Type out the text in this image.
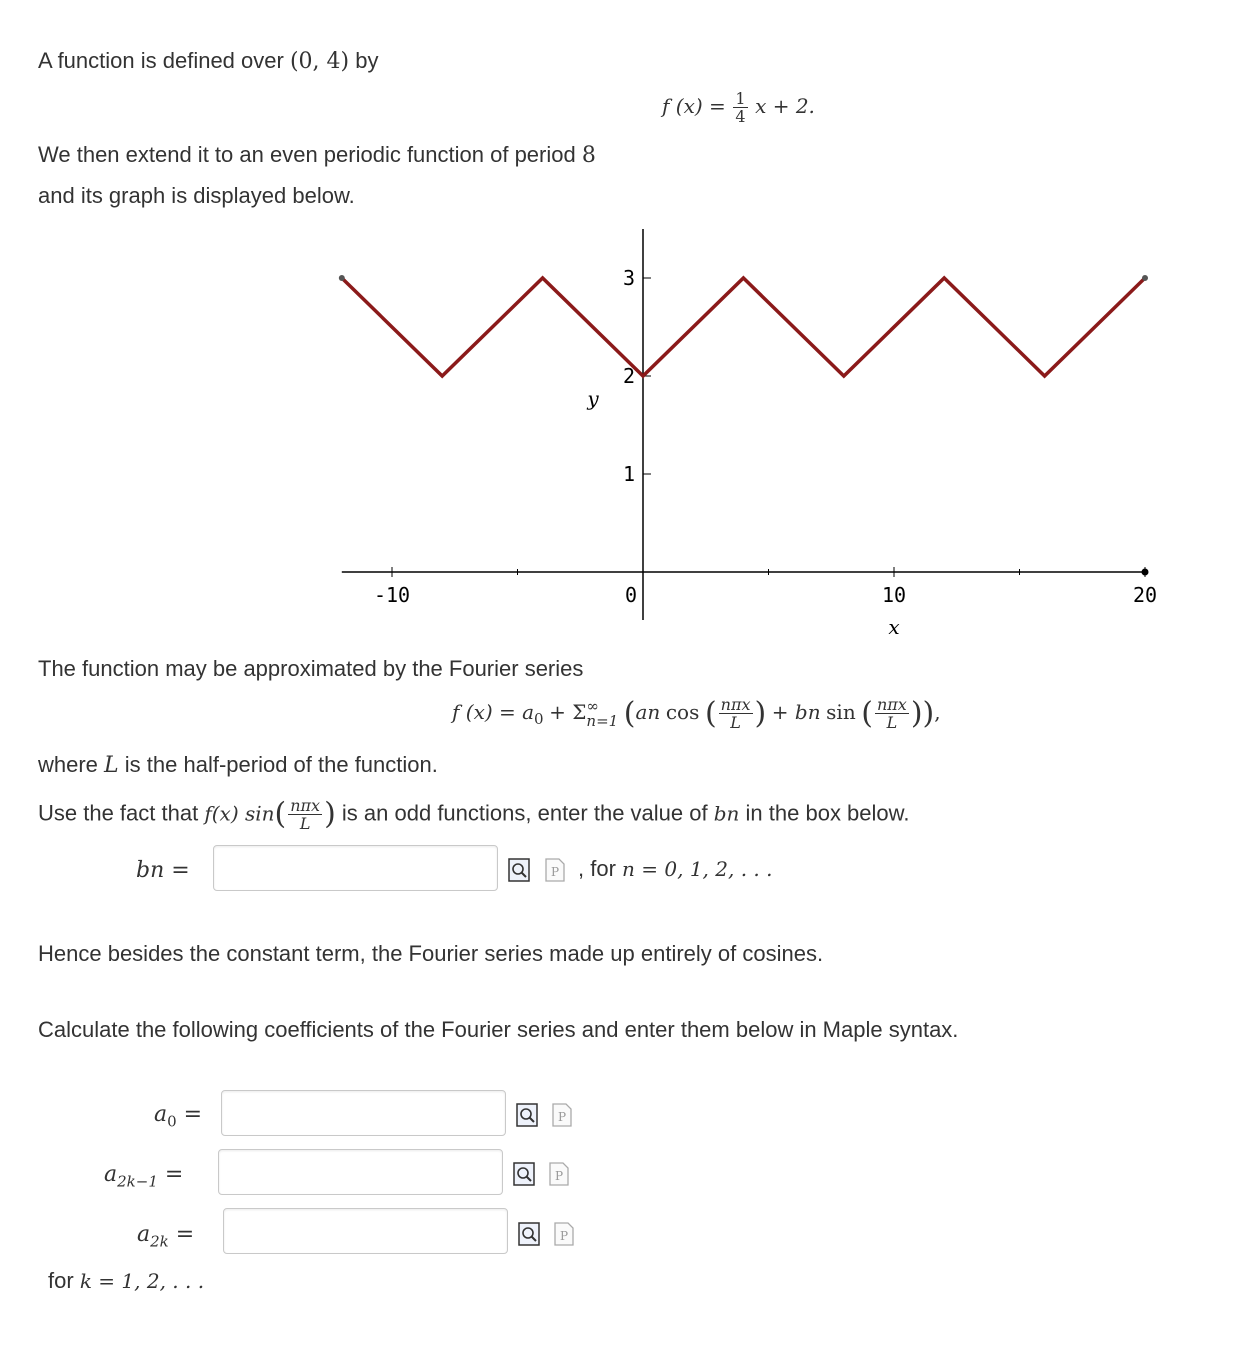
A function is defined over (0, 4) by
f $(x) = \frac{1}{4}$ x + 2.
We then extend it to an even periodic function of period 8
and its graph is displayed below.
-10	10	20
3
2
1
0
y
x
The function may be approximated by the Fourier series
f $(x) = a_0 + \Sigma$ ∞
n=1 (an cos ( $\frac{\text{nπx}}{L}$ ) + bn sin ( $\frac{\text{nπx}}{L}$ )),
where L is the half-period of the function.
Use the fact that f(x) $\sin( \frac{\text{nπx}}{L}$ ) is an odd functions, enter the value of bn in the box below.
bn =	P , for n = 0, 1, 2, . . .
Hence besides the constant term, the Fourier series made up entirely of cosines.
Calculate the following coefficients of the Fourier series and enter them below in Maple syntax.
$a_0$ =	P
$a_{2k-1}$ =	P
$a_{2k}$ =	P
for k = 1, 2, . . .
